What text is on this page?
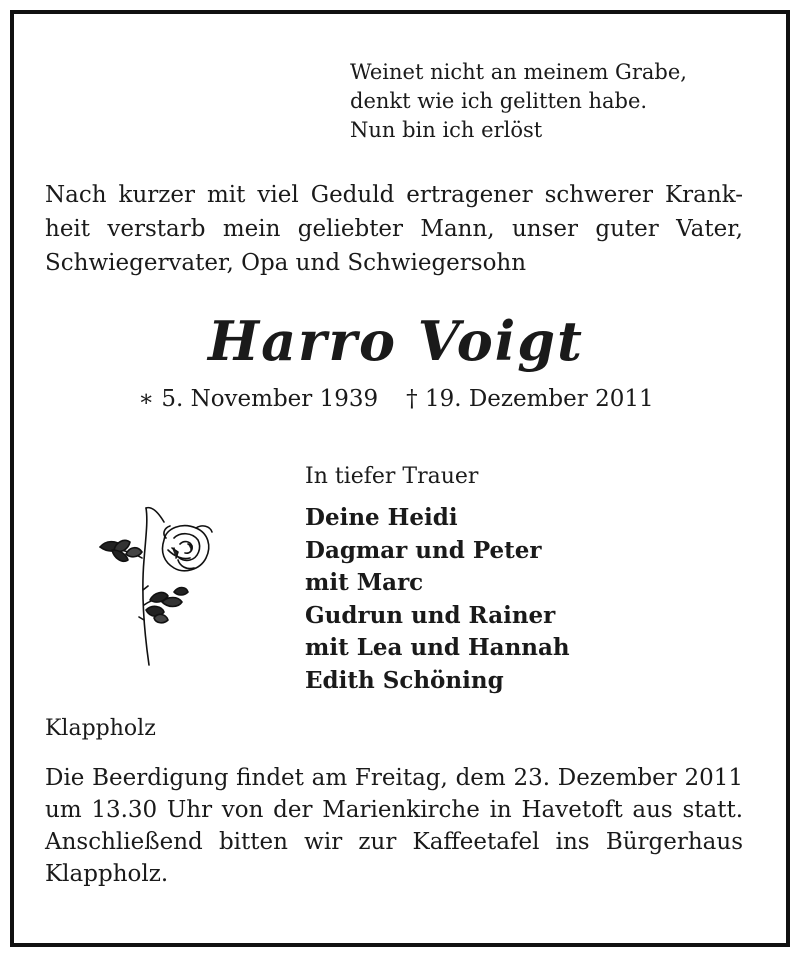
Weinet nicht an meinem Grabe,
denkt wie ich gelitten habe.
Nun bin ich erlöst
Nach kurzer mit viel Geduld ertragener schwerer Krank-
heit verstarb mein geliebter Mann, unser guter Vater,
Schwiegervater, Opa und Schwiegersohn
Harro Voigt
∗ 5. November 1939 † 19. Dezember 2011
In tiefer Trauer
Deine Heidi
Dagmar und Peter
mit Marc
Gudrun und Rainer
mit Lea und Hannah
Edith Schöning
Klappholz
Die Beerdigung findet am Freitag, dem 23. Dezember 2011
um 13.30 Uhr von der Marienkirche in Havetoft aus statt.
Anschließend bitten wir zur Kaffeetafel ins Bürgerhaus
Klappholz.
